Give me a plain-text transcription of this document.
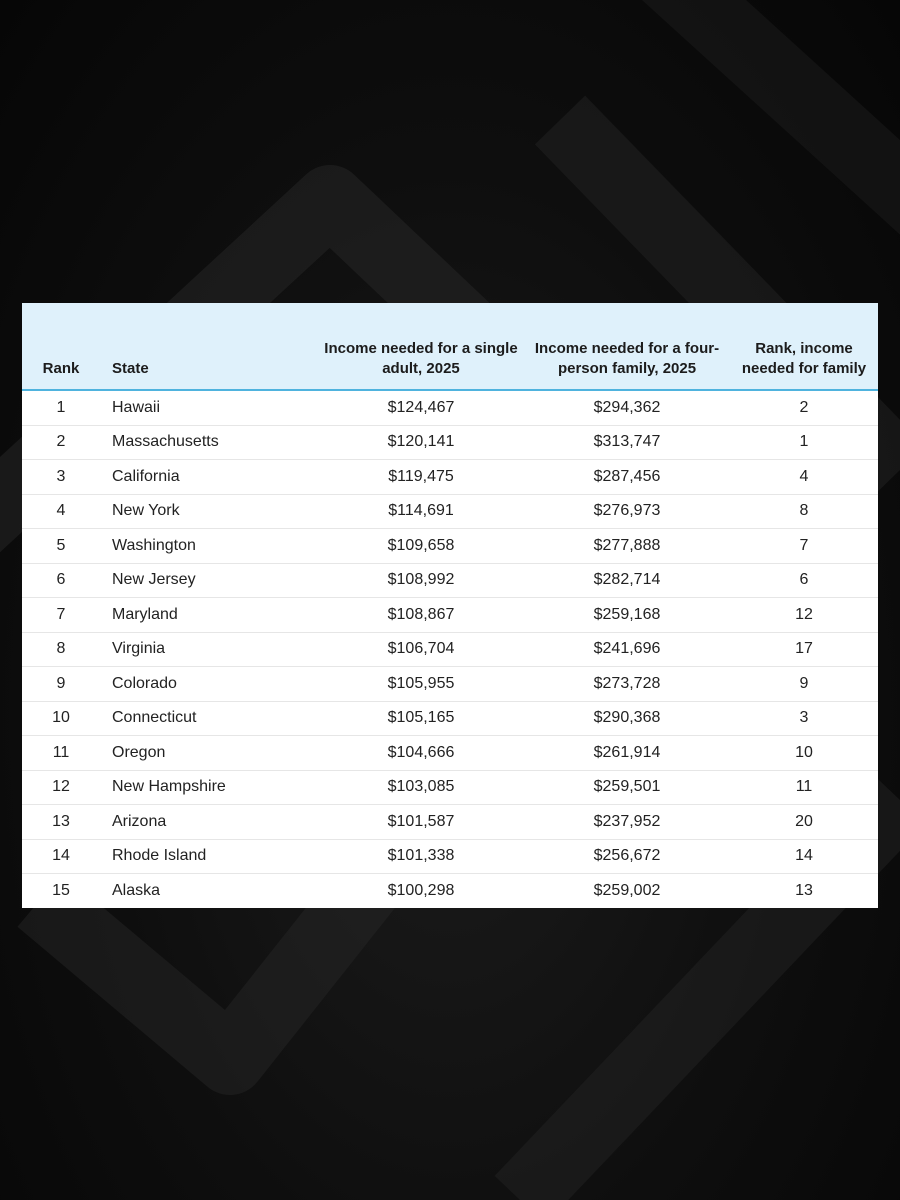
Rank	State	Income needed for a single adult, 2025	Income needed for a four-person family, 2025	Rank, income needed for family
1	Hawaii	$124,467	$294,362	2
2	Massachusetts	$120,141	$313,747	1
3	California	$119,475	$287,456	4
4	New York	$114,691	$276,973	8
5	Washington	$109,658	$277,888	7
6	New Jersey	$108,992	$282,714	6
7	Maryland	$108,867	$259,168	12
8	Virginia	$106,704	$241,696	17
9	Colorado	$105,955	$273,728	9
10	Connecticut	$105,165	$290,368	3
11	Oregon	$104,666	$261,914	10
12	New Hampshire	$103,085	$259,501	11
13	Arizona	$101,587	$237,952	20
14	Rhode Island	$101,338	$256,672	14
15	Alaska	$100,298	$259,002	13
